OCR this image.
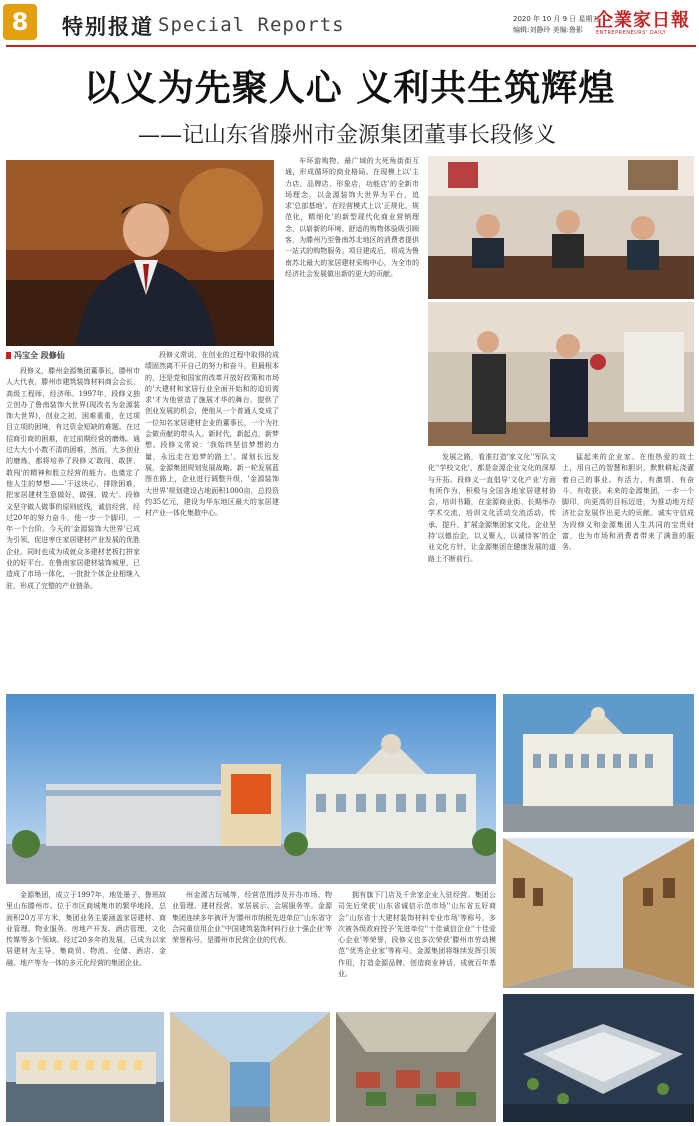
8	特别报道 Special Reports	2020 年 10 月 9 日 星期五
编辑:刘静玲 美编:鲁影 企業家日報
ENTREPRENEURS' DAILY
以义为先聚人心 义利共生筑辉煌
——记山东省滕州市金源集团董事长段修义
冯宝全 段修仙

段修义，滕州金源集团董事长，滕州市人大代表，滕州市建筑装饰材料商会会长，高级工程师，经济师。1997年，段修义独立创办了鲁南装饰大世界(现改名为金源装饰大世界)，创业之初，困难重重，在过项目立项的困境，有过资金短缺的难题。在过招商引商的困难，在过前期经营的磨炼。通过大大小小数不清的困难，然而，大多创业的磨炼，都将培养了段修义'敢闯，敢拼，敢闯'的精神和胜立经营的能力。也奠定了他人生的梦想——'干这块心，排除困难，把家居建材生意做好，做强，做大'。段修义坚守做人做事的原则底线，诚信经营，经过20年的努力奋斗，他一步一个脚印，一年一个台阶。今天的'金源装饰大世界'已成为引领、促进枣庄家居建材产业发展的优胜企业。同时也成为成就众多建材老板打拼家业的好平台。在鲁南家居建材装饰城里，已造成了市场一体化，一批批个体企业相继入驻，形成了完整的产业链条。

段修义常说，在创业的过程中取得的成绩固然离不开自己的努力和奋斗，但最根本的，还是党和国家的改革开放好政策和市场的'大建材和家居行业全面开始和的迫切需求'才为他营造了施展才华的舞台，提供了创业发展的机会，使他从一个普通人变成了一位知名家居建材企业的董事长，一个为社会做贡献的带头人。新时代，新起点，新梦想。段修义常说：'我始终坚信梦想的力量，永远走在追梦的路上'。谋划长远发展，金源集团规划发展战略。新一轮发展蓝图在路上，企业进行调整升级，'金源装饰大世界'规划建设占地面积1000亩，总投资约35亿元，建设为华东地区最大的家居建材产业一体化集散中心。

车环游购物、最广域的大死角街街互通，形成循环的商业格局。在现模上以'主力店，品牌店，形象店，功能店'的全新市场理念，以金源装饰大世界为平台，追求'总部基地'。在经营模式上以'正规化，规范化，精细化'的新型现代化商业营销理念，以崭新的环境、舒适的购物体验吸引顾客，为滕州乃至鲁南苏北地区的消费者提供一站式的购物服务。项目建成后，将成为鲁南苏北最大的家居建材采购中心，为全市的经济社会发展做出新的更大的贡献。

发展之路，看准打造'家文化''军队文化''学校文化'，都是金源企业文化的深厚与开拓。段修义一直倡导'文化产业'方面有所作为，积极与全国各地家居建材协会，培训书籍，在金源商业街、长期举办学术交流，培训文化活动交流活动，传承、提升、扩展金源集团家文化。企业坚持'以德治企，以义聚人，以诚待客'的企业文化方针，让金源集团在健康发展的道路上不断前行。

猛起来的企业家。在他热爱的故土上，用自己的智慧和胆识，默默耕耘浇灌着自己的事业。有活力、有激情、有奋斗、有收获。未来的金源集团，一步一个脚印，向更高的目标迈进，为推动地方经济社会发展作出更大的贡献。诚实守信成为段修义和金源集团人生共同的宝贵财富，也为市场和消费者带来了满意的服务。

金源集团，成立于1997年，地处墨子、鲁班故里山东滕州市。位于市区商城集市的繁华地段，总面积20万平方米，集团业务主要涵盖家居建材、商业管理、物业服务、房地产开发、酒店管理、文化传媒等多个领域。经过20多年的发展，已成为以家居建材为主导，集商贸、物流、仓储、酒店、金融、地产等为一体的多元化经营的集团企业。

州金源古玩城等，经营范围涉及开办市场、物业管理、建材经营、家居展示、会展服务等。金源集团连续多年被评为'滕州市纳税先进单位''山东省守合同重信用企业''中国建筑装饰材料行业十强企业'等荣誉称号，是滕州市民营企业的代表。

拥有旗下门店及千余家企业入驻经营。集团公司先后荣获'山东省诚信示范市场''山东省五好商会''山东省十大建材装饰材料专业市场'等称号，多次被各级政府授予'先进单位''十佳诚信企业''十佳爱心企业'等荣誉，段修义也多次荣获'滕州市劳动模范''优秀企业家'等称号。金源集团将继续发挥引领作用，打造金源品牌，创造商业神话，成就百年基业。
